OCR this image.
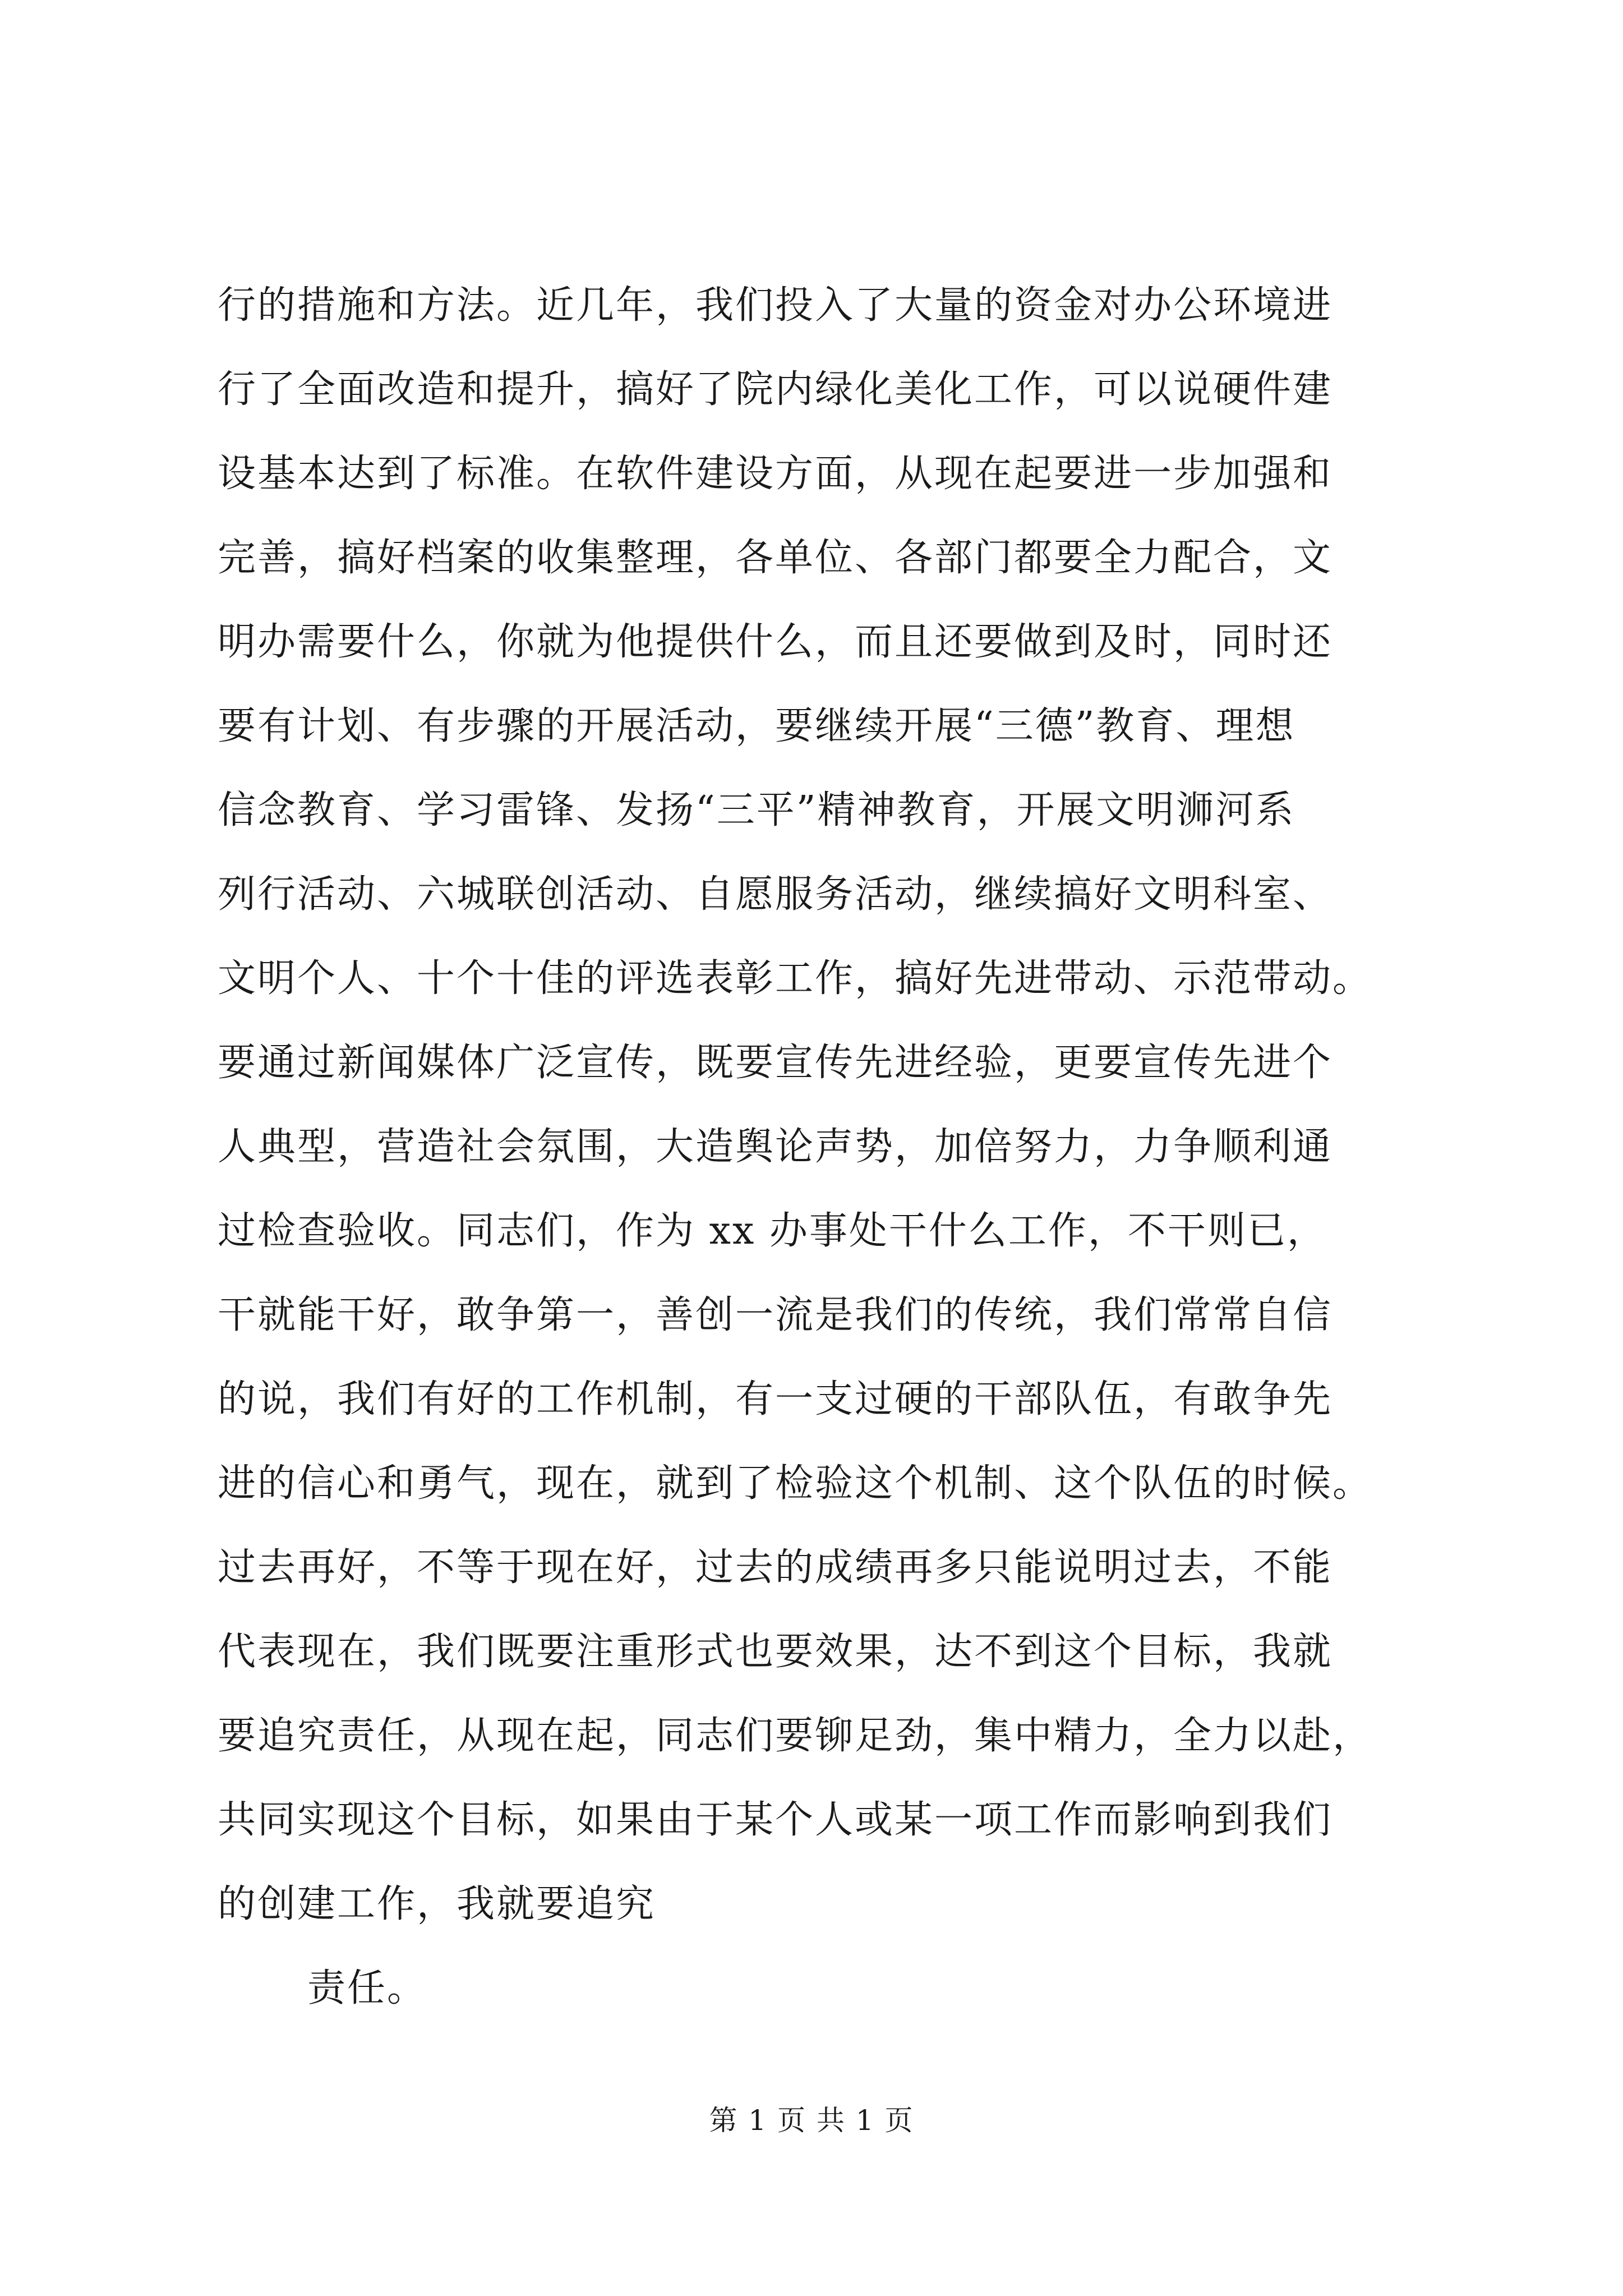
行的措施和方法。近几年，我们投入了大量的资金对办公环境进
行了全面改造和提升，搞好了院内绿化美化工作，可以说硬件建
设基本达到了标准。在软件建设方面，从现在起要进一步加强和
完善，搞好档案的收集整理，各单位、各部门都要全力配合，文
明办需要什么，你就为他提供什么，而且还要做到及时，同时还
要有计划、有步骤的开展活动，要继续开展“三德”教育、理想
信念教育、学习雷锋、发扬“三平”精神教育，开展文明浉河系
列行活动、六城联创活动、自愿服务活动，继续搞好文明科室、
文明个人、十个十佳的评选表彰工作，搞好先进带动、示范带动。
要通过新闻媒体广泛宣传，既要宣传先进经验，更要宣传先进个
人典型，营造社会氛围，大造舆论声势，加倍努力，力争顺利通
过检查验收。同志们，作为 xx 办事处干什么工作，不干则已，
干就能干好，敢争第一，善创一流是我们的传统，我们常常自信
的说，我们有好的工作机制，有一支过硬的干部队伍，有敢争先
进的信心和勇气，现在，就到了检验这个机制、这个队伍的时候。
过去再好，不等于现在好，过去的成绩再多只能说明过去，不能
代表现在，我们既要注重形式也要效果，达不到这个目标，我就
要追究责任，从现在起，同志们要铆足劲，集中精力，全力以赴，
共同实现这个目标，如果由于某个人或某一项工作而影响到我们
的创建工作，我就要追究
责任。
第 1 页 共 1 页
